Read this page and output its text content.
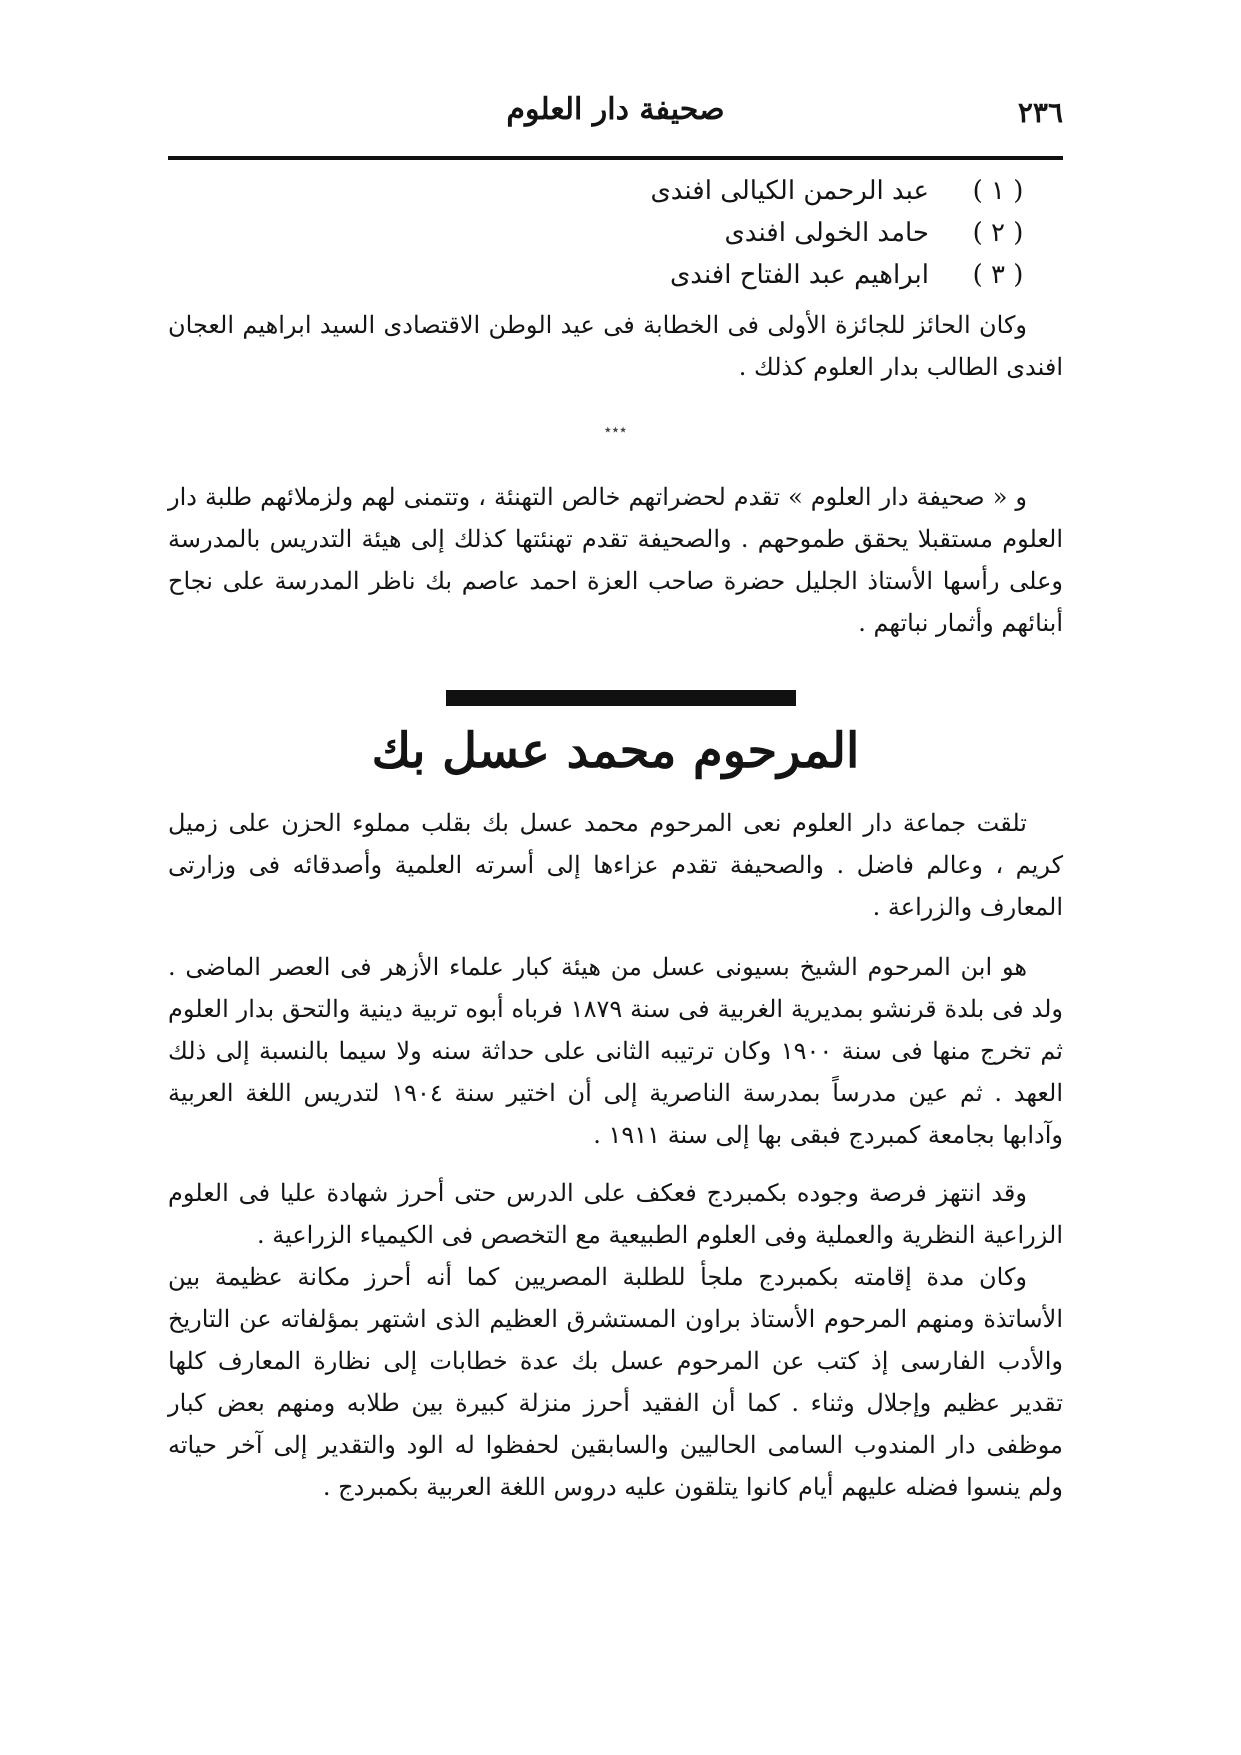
٢٣٦
صحيفة دار العلوم
( ١ )عبد الرحمن الكيالى افندى
( ٢ )حامد الخولى افندى
( ٣ )ابراهيم عبد الفتاح افندى

وكان الحائز للجائزة الأولى فى الخطابة فى عيد الوطن الاقتصادى السيد ابراهيم العجان افندى الطالب بدار العلوم كذلك .

٭٭٭

و « صحيفة دار العلوم » تقدم لحضراتهم خالص التهنئة ، وتتمنى لهم ولزملائهم طلبة دار العلوم مستقبلا يحقق طموحهم . والصحيفة تقدم تهنئتها كذلك إلى هيئة التدريس بالمدرسة وعلى رأسها الأستاذ الجليل حضرة صاحب العزة احمد عاصم بك ناظر المدرسة على نجاح أبنائهم وأثمار نباتهم .

المرحوم محمد عسل بك

تلقت جماعة دار العلوم نعى المرحوم محمد عسل بك بقلب مملوء الحزن على زميل كريم ، وعالم فاضل . والصحيفة تقدم عزاءها إلى أسرته العلمية وأصدقائه فى وزارتى المعارف والزراعة .

هو ابن المرحوم الشيخ بسيونى عسل من هيئة كبار علماء الأزهر فى العصر الماضى . ولد فى بلدة قرنشو بمديرية الغربية فى سنة ١٨٧٩ فرباه أبوه تربية دينية والتحق بدار العلوم ثم تخرج منها فى سنة ١٩٠٠ وكان ترتيبه الثانى على حداثة سنه ولا سيما بالنسبة إلى ذلك العهد . ثم عين مدرساً بمدرسة الناصرية إلى أن اختير سنة ١٩٠٤ لتدريس اللغة العربية وآدابها بجامعة كمبردج فبقى بها إلى سنة ١٩١١ .

وقد انتهز فرصة وجوده بكمبردج فعكف على الدرس حتى أحرز شهادة عليا فى العلوم الزراعية النظرية والعملية وفى العلوم الطبيعية مع التخصص فى الكيمياء الزراعية .

وكان مدة إقامته بكمبردج ملجأ للطلبة المصريين كما أنه أحرز مكانة عظيمة بين الأساتذة ومنهم المرحوم الأستاذ براون المستشرق العظيم الذى اشتهر بمؤلفاته عن التاريخ والأدب الفارسى إذ كتب عن المرحوم عسل بك عدة خطابات إلى نظارة المعارف كلها تقدير عظيم وإجلال وثناء . كما أن الفقيد أحرز منزلة كبيرة بين طلابه ومنهم بعض كبار موظفى دار المندوب السامى الحاليين والسابقين لحفظوا له الود والتقدير إلى آخر حياته ولم ينسوا فضله عليهم أيام كانوا يتلقون عليه دروس اللغة العربية بكمبردج .
